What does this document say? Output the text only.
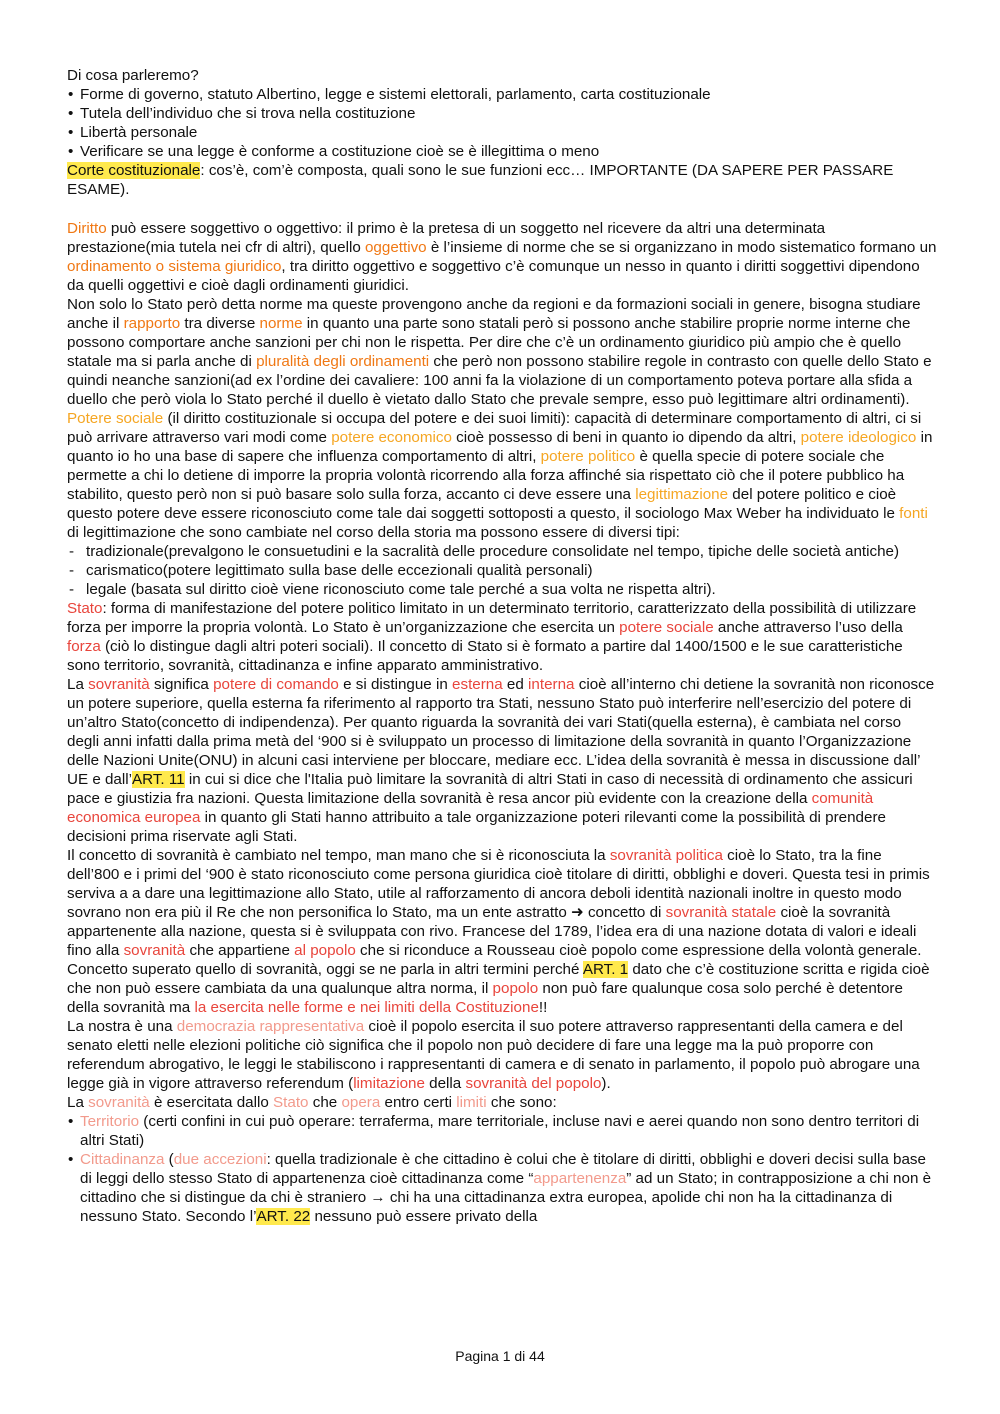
Di cosa parleremo?

• Forme di governo, statuto Albertino, legge e sistemi elettorali, parlamento, carta costituzionale
• Tutela dell’individuo che si trova nella costituzione
• Libertà personale
• Verificare se una legge è conforme a costituzione cioè se è illegittima o meno

Corte costituzionale: cos’è, com’è composta, quali sono le sue funzioni ecc… IMPORTANTE (DA SAPERE PER PASSARE ESAME).

Diritto può essere soggettivo o oggettivo: il primo è la pretesa di un soggetto nel ricevere da altri una determinata prestazione(mia tutela nei cfr di altri), quello oggettivo è l’insieme di norme che se si organizzano in modo sistematico formano un ordinamento o sistema giuridico, tra diritto oggettivo e soggettivo c’è comunque un nesso in quanto i diritti soggettivi dipendono da quelli oggettivi e cioè dagli ordinamenti giuridici.

Non solo lo Stato però detta norme ma queste provengono anche da regioni e da formazioni sociali in genere, bisogna studiare anche il rapporto tra diverse norme in quanto una parte sono statali però si possono anche stabilire proprie norme interne che possono comportare anche sanzioni per chi non le rispetta. Per dire che c’è un ordinamento giuridico più ampio che è quello statale ma si parla anche di pluralità degli ordinamenti che però non possono stabilire regole in contrasto con quelle dello Stato e quindi neanche sanzioni(ad ex l’ordine dei cavaliere: 100 anni fa la violazione di un comportamento poteva portare alla sfida a duello che però viola lo Stato perché il duello è vietato dallo Stato che prevale sempre, esso può legittimare altri ordinamenti).

Potere sociale (il diritto costituzionale si occupa del potere e dei suoi limiti): capacità di determinare comportamento di altri, ci si può arrivare attraverso vari modi come potere economico cioè possesso di beni in quanto io dipendo da altri, potere ideologico in quanto io ho una base di sapere che influenza comportamento di altri, potere politico è quella specie di potere sociale che permette a chi lo detiene di imporre la propria volontà ricorrendo alla forza affinché sia rispettato ciò che il potere pubblico ha stabilito, questo però non si può basare solo sulla forza, accanto ci deve essere una legittimazione del potere politico e cioè questo potere deve essere riconosciuto come tale dai soggetti sottoposti a questo, il sociologo Max Weber ha individuato le fonti di legittimazione che sono cambiate nel corso della storia ma possono essere di diversi tipi:

- tradizionale(prevalgono le consuetudini e la sacralità delle procedure consolidate nel tempo, tipiche delle società antiche)
- carismatico(potere legittimato sulla base delle eccezionali qualità personali)
- legale (basata sul diritto cioè viene riconosciuto come tale perché a sua volta ne rispetta altri).

Stato: forma di manifestazione del potere politico limitato in un determinato territorio, caratterizzato della possibilità di utilizzare forza per imporre la propria volontà. Lo Stato è un’organizzazione che esercita un potere sociale anche attraverso l’uso della forza (ciò lo distingue dagli altri poteri sociali). Il concetto di Stato si è formato a partire dal 1400/1500 e le sue caratteristiche sono territorio, sovranità, cittadinanza e infine apparato amministrativo.

La sovranità significa potere di comando e si distingue in esterna ed interna cioè all’interno chi detiene la sovranità non riconosce un potere superiore, quella esterna fa riferimento al rapporto tra Stati, nessuno Stato può interferire nell’esercizio del potere di un’altro Stato(concetto di indipendenza). Per quanto riguarda la sovranità dei vari Stati(quella esterna), è cambiata nel corso degli anni infatti dalla prima metà del ‘900 si è sviluppato un processo di limitazione della sovranità in quanto l’Organizzazione delle Nazioni Unite(ONU) in alcuni casi interviene per bloccare, mediare ecc. L’idea della sovranità è messa in discussione dall’ UE e dall’ART. 11 in cui si dice che l'Italia può limitare la sovranità di altri Stati in caso di necessità di ordinamento che assicuri pace e giustizia fra nazioni. Questa limitazione della sovranità è resa ancor più evidente con la creazione della comunità economica europea in quanto gli Stati hanno attribuito a tale organizzazione poteri rilevanti come la possibilità di prendere decisioni prima riservate agli Stati.

Il concetto di sovranità è cambiato nel tempo, man mano che si è riconosciuta la sovranità politica cioè lo Stato, tra la fine dell’800 e i primi del ‘900 è stato riconosciuto come persona giuridica cioè titolare di diritti, obblighi e doveri. Questa tesi in primis serviva a a dare una legittimazione allo Stato, utile al rafforzamento di ancora deboli identità nazionali inoltre in questo modo sovrano non era più il Re che non personifica lo Stato, ma un ente astratto ➜ concetto di sovranità statale cioè la sovranità appartenente alla nazione, questa si è sviluppata con rivo. Francese del 1789, l’idea era di una nazione dotata di valori e ideali fino alla sovranità che appartiene al popolo che si riconduce a Rousseau cioè popolo come espressione della volontà generale.

Concetto superato quello di sovranità, oggi se ne parla in altri termini perché ART. 1 dato che c’è costituzione scritta e rigida cioè che non può essere cambiata da una qualunque altra norma, il popolo non può fare qualunque cosa solo perché è detentore della sovranità ma la esercita nelle forme e nei limiti della Costituzione!!

La nostra è una democrazia rappresentativa cioè il popolo esercita il suo potere attraverso rappresentanti della camera e del senato eletti nelle elezioni politiche ciò significa che il popolo non può decidere di fare una legge ma la può proporre con referendum abrogativo, le leggi le stabiliscono i rappresentanti di camera e di senato in parlamento, il popolo può abrogare una legge già in vigore attraverso referendum (limitazione della sovranità del popolo).

La sovranità è esercitata dallo Stato che opera entro certi limiti che sono:

• Territorio (certi confini in cui può operare: terraferma, mare territoriale, incluse navi e aerei quando non sono dentro territori di altri Stati)
• Cittadinanza (due accezioni: quella tradizionale è che cittadino è colui che è titolare di diritti, obblighi e doveri decisi sulla base di leggi dello stesso Stato di appartenenza cioè cittadinanza come “appartenenza” ad un Stato; in contrapposizione a chi non è cittadino che si distingue da chi è straniero → chi ha una cittadinanza extra europea, apolide chi non ha la cittadinanza di nessuno Stato. Secondo l’ART. 22 nessuno può essere privato della
Pagina 1 di 44
